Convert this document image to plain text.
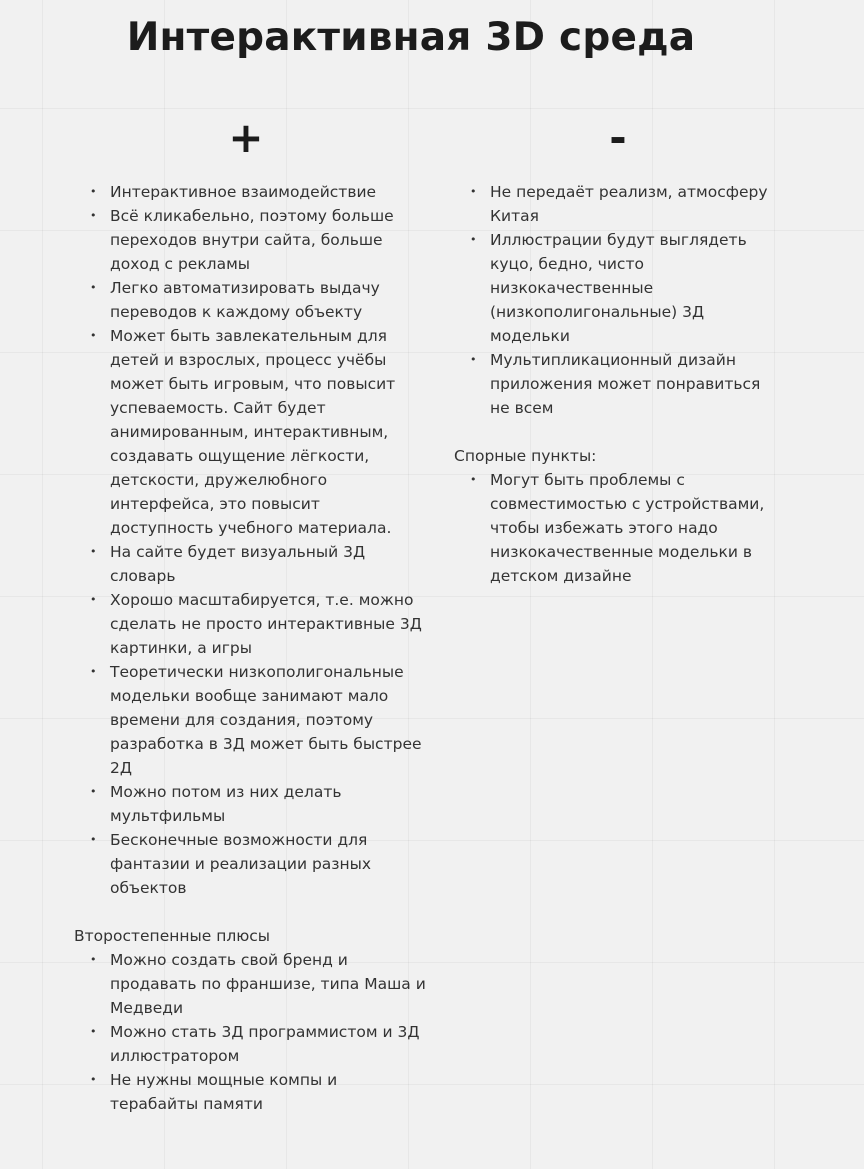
Интерактивная 3D среда
+	-
• Интерактивное взаимодействие
• Всё кликабельно, поэтому больше переходов внутри сайта, больше доход с рекламы
• Легко автоматизировать выдачу переводов к каждому объекту
• Может быть завлекательным для детей и взрослых, процесс учёбы может быть игровым, что повысит успеваемость. Сайт будет анимированным, интерактивным, создавать ощущение лёгкости, детскости, дружелюбного интерфейса, это повысит доступность учебного материала.
• На сайте будет визуальный 3Д словарь
• Хорошо масштабируется, т.е. можно сделать не просто интерактивные 3Д картинки, а игры
• Теоретически низкополигональные модельки вообще занимают мало времени для создания, поэтому разработка в 3Д может быть быстрее 2Д
• Можно потом из них делать мультфильмы
• Бесконечные возможности для фантазии и реализации разных объектов
Второстепенные плюсы
• Можно создать свой бренд и продавать по франшизе, типа Маша и Медведи
• Можно стать 3Д программистом и 3Д иллюстратором
• Не нужны мощные компы и терабайты памяти
• Не передаёт реализм, атмосферу Китая
• Иллюстрации будут выглядеть куцо, бедно, чисто низкокачественные (низкополигональные) 3Д модельки
• Мультипликационный дизайн приложения может понравиться не всем
Спорные пункты:
• Могут быть проблемы с совместимостью с устройствами, чтобы избежать этого надо низкокачественные модельки в детском дизайне
